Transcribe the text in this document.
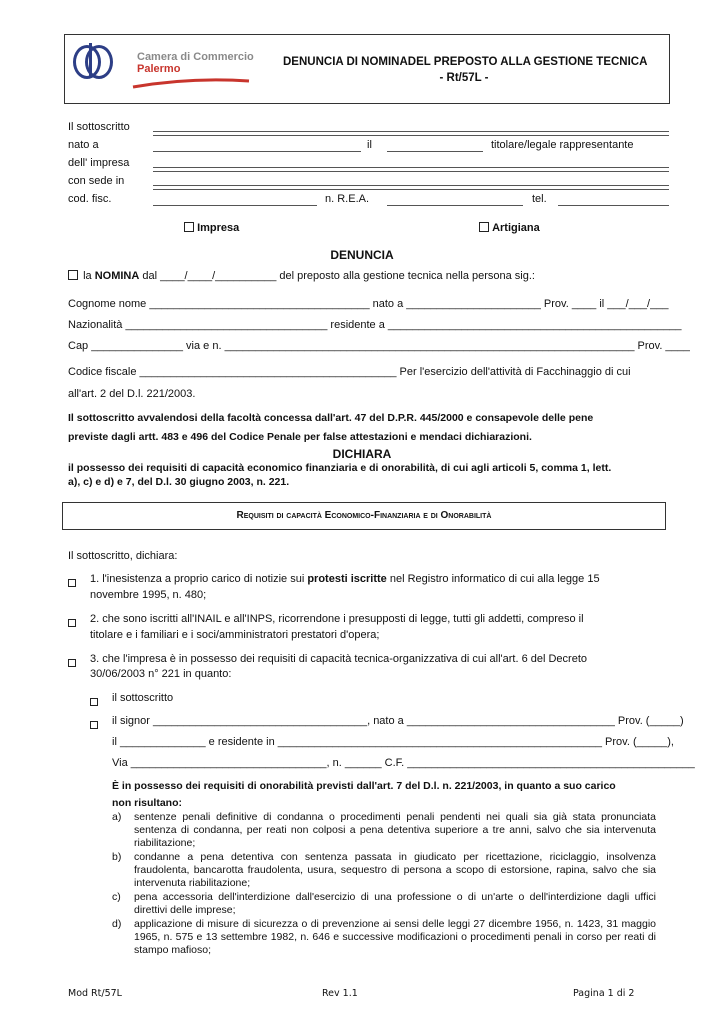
Camera di Commercio
Palermo
DENUNCIA DI NOMINADEL PREPOSTO ALLA GESTIONE TECNICA
- Rt/57L -
Il sottoscritto
nato a	il	titolare/legale rappresentante
dell' impresa
con sede in
cod. fisc.	n. R.E.A.	tel.
Impresa	Artigiana
DENUNCIA
la NOMINA dal ____/____/__________ del preposto alla gestione tecnica nella persona sig.:
Cognome nome ____________________________________ nato a ______________________ Prov. ____ il ___/___/___
Nazionalità _________________________________ residente a ________________________________________________
Cap _______________ via e n. ___________________________________________________________________ Prov. ____
Codice fiscale __________________________________________ Per l'esercizio dell'attività di Facchinaggio di cui
all'art. 2 del D.l. 221/2003.
Il sottoscritto avvalendosi della facoltà concessa dall'art. 47 del D.P.R. 445/2000 e consapevole delle pene
previste dagli artt. 483 e 496 del Codice Penale per false attestazioni e mendaci dichiarazioni.
DICHIARA
il possesso dei requisiti di capacità economico finanziaria e di onorabilità, di cui agli articoli 5, comma 1, lett.
a), c) e d) e 7, del D.l. 30 giugno 2003, n. 221.
Requisiti di capacità Economico-Finanziaria e di Onorabilità
Il sottoscritto, dichiara:
1. l'inesistenza a proprio carico di notizie sui protesti iscritte nel Registro informatico di cui alla legge 15
novembre 1995, n. 480;
2. che sono iscritti all'INAIL e all'INPS, ricorrendone i presupposti di legge, tutti gli addetti, compreso il
titolare e i familiari e i soci/amministratori prestatori d'opera;
3. che l'impresa è in possesso dei requisiti di capacità tecnica-organizzativa di cui all'art. 6 del Decreto
30/06/2003 n° 221 in quanto:
il sottoscritto
il signor ___________________________________, nato a __________________________________ Prov. (_____)
il ______________ e residente in _____________________________________________________ Prov. (_____),
Via ________________________________, n. ______ C.F. _______________________________________________
È in possesso dei requisiti di onorabilità previsti dall'art. 7 del D.l. n. 221/2003, in quanto a suo carico
non risultano:
a) sentenze penali definitive di condanna o procedimenti penali pendenti nei quali sia già stata pronunciata sentenza di condanna, per reati non colposi a pena detentiva superiore a tre anni, salvo che sia intervenuta riabilitazione;
b) condanne a pena detentiva con sentenza passata in giudicato per ricettazione, riciclaggio, insolvenza fraudolenta, bancarotta fraudolenta, usura, sequestro di persona a scopo di estorsione, rapina, salvo che sia intervenuta riabilitazione;
c) pena accessoria dell'interdizione dall'esercizio di una professione o di un'arte o dell'interdizione dagli uffici direttivi delle imprese;
d) applicazione di misure di sicurezza o di prevenzione ai sensi delle leggi 27 dicembre 1956, n. 1423, 31 maggio 1965, n. 575 e 13 settembre 1982, n. 646 e successive modificazioni o procedimenti penali in corso per reati di stampo mafioso;
Mod Rt/57L	Rev 1.1	Pagina 1 di 2
